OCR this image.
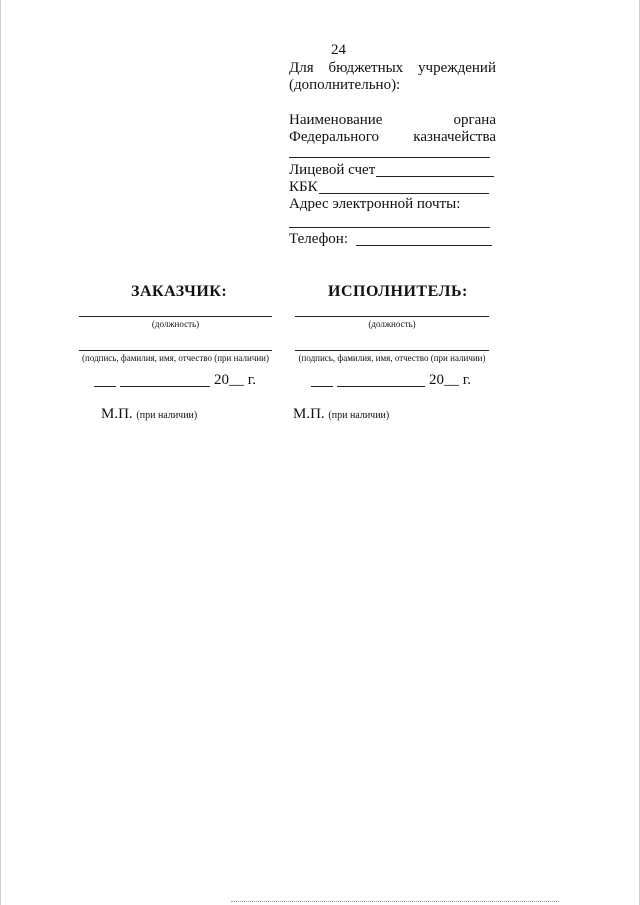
24
Для бюджетных учреждений
(дополнительно):
Наименование	органа
Федерального казначейства
Лицевой счет
КБК
Адрес электронной почты:
Телефон:
ЗАКАЗЧИК:	ИСПОЛНИТЕЛЬ:
(должность)	(должность)
(подпись, фамилия, имя, отчество (при наличии)	(подпись, фамилия, имя, отчество (при наличии)
20__ г.	20__ г.
М.П. (при наличии)	М.П. (при наличии)
